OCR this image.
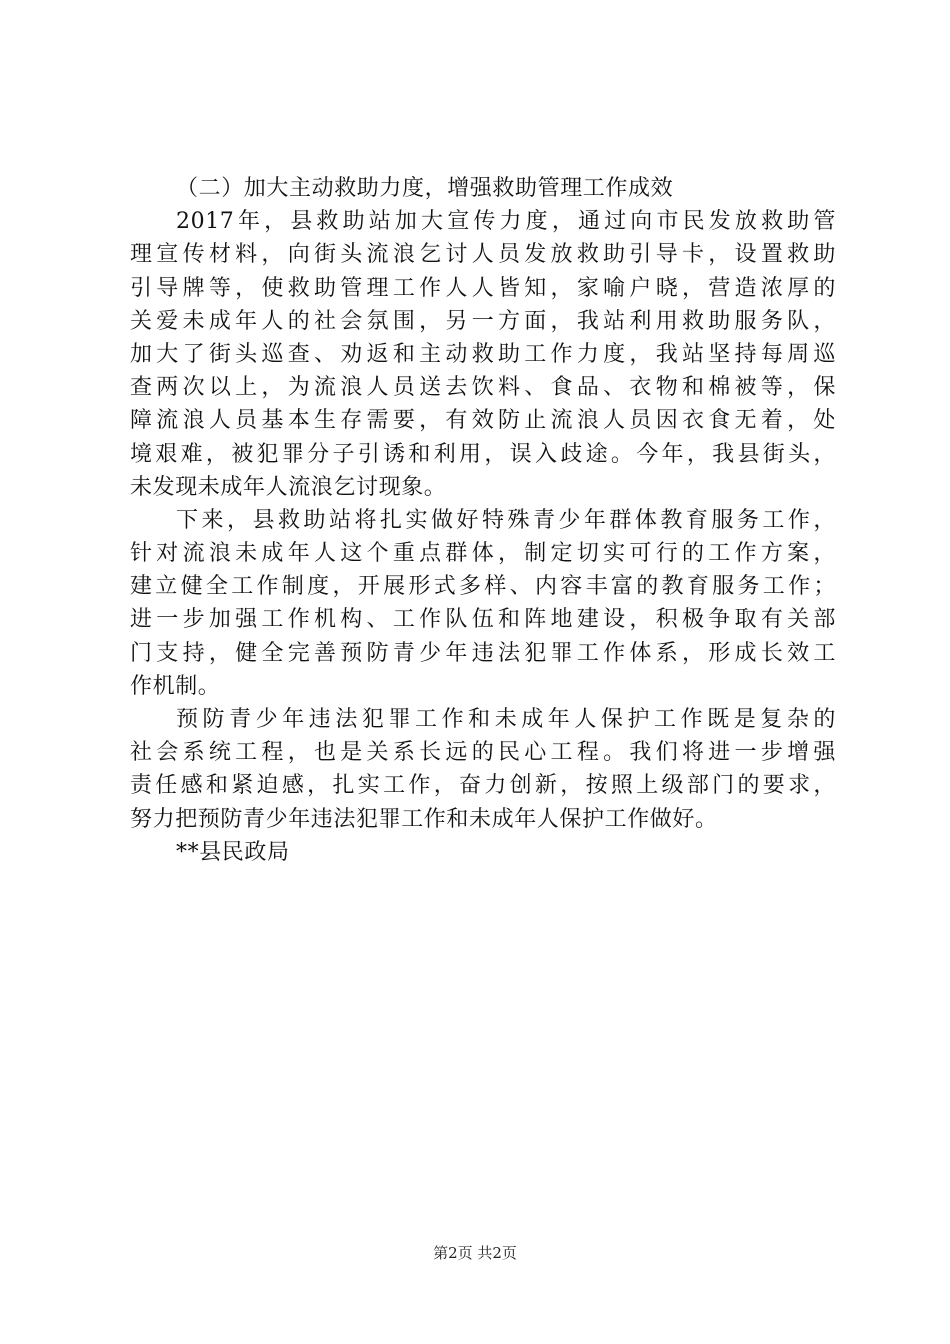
（二）加大主动救助力度，增强救助管理工作成效
2017年，县救助站加大宣传力度，通过向市民发放救助管
理宣传材料，向街头流浪乞讨人员发放救助引导卡，设置救助
引导牌等，使救助管理工作人人皆知，家喻户晓，营造浓厚的
关爱未成年人的社会氛围，另一方面，我站利用救助服务队，
加大了街头巡查、劝返和主动救助工作力度，我站坚持每周巡
查两次以上，为流浪人员送去饮料、食品、衣物和棉被等，保
障流浪人员基本生存需要，有效防止流浪人员因衣食无着，处
境艰难，被犯罪分子引诱和利用，误入歧途。今年，我县街头，
未发现未成年人流浪乞讨现象。
下来，县救助站将扎实做好特殊青少年群体教育服务工作，
针对流浪未成年人这个重点群体，制定切实可行的工作方案，
建立健全工作制度，开展形式多样、内容丰富的教育服务工作；
进一步加强工作机构、工作队伍和阵地建设，积极争取有关部
门支持，健全完善预防青少年违法犯罪工作体系，形成长效工
作机制。
预防青少年违法犯罪工作和未成年人保护工作既是复杂的
社会系统工程，也是关系长远的民心工程。我们将进一步增强
责任感和紧迫感，扎实工作，奋力创新，按照上级部门的要求，
努力把预防青少年违法犯罪工作和未成年人保护工作做好。
**县民政局
第2页 共2页
